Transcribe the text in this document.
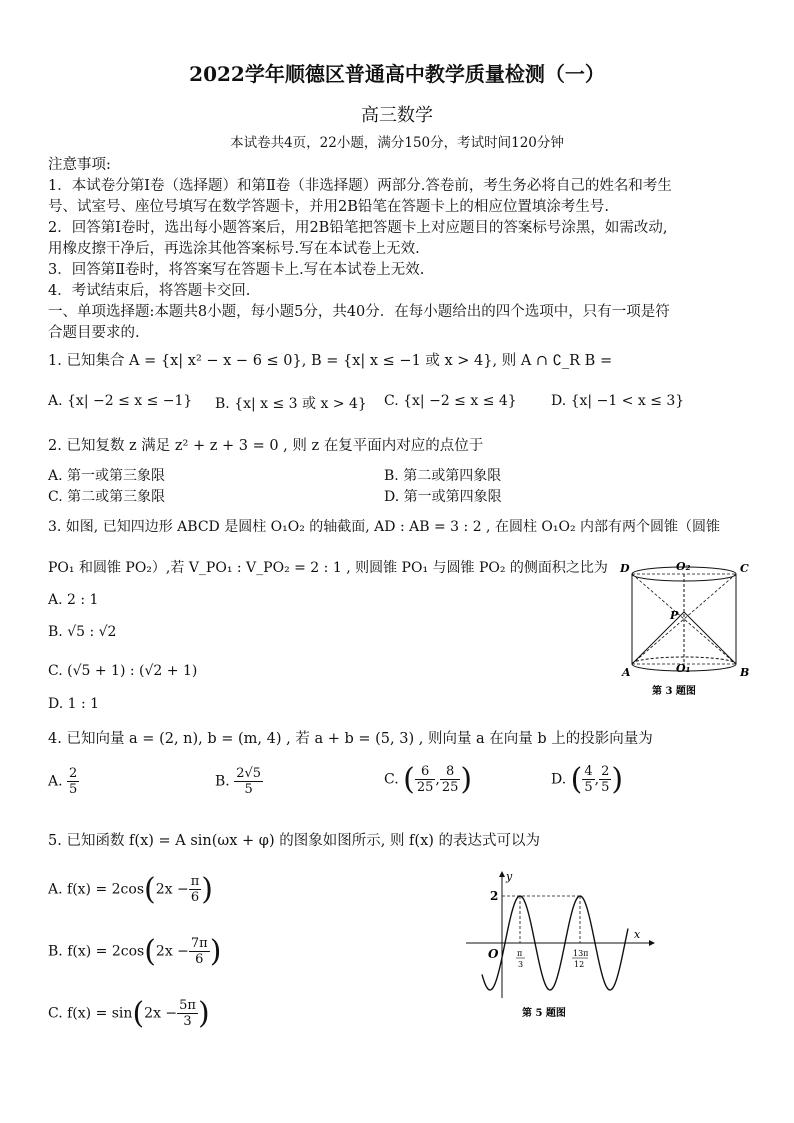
2022学年顺德区普通高中教学质量检测（一）
高三数学
本试卷共4页，22小题，满分150分，考试时间120分钟
注意事项:
1．本试卷分第Ⅰ卷（选择题）和第Ⅱ卷（非选择题）两部分.答卷前，考生务必将自己的姓名和考生
号、试室号、座位号填写在数学答题卡，并用2B铅笔在答题卡上的相应位置填涂考生号.
2．回答第Ⅰ卷时，选出每小题答案后，用2B铅笔把答题卡上对应题目的答案标号涂黑，如需改动,
用橡皮擦干净后，再选涂其他答案标号.写在本试卷上无效.
3．回答第Ⅱ卷时，将答案写在答题卡上.写在本试卷上无效.
4．考试结束后，将答题卡交回.
一、单项选择题:本题共8小题，每小题5分，共40分．在每小题给出的四个选项中，只有一项是符
合题目要求的.
1. 已知集合 A = {x| x² − x − 6 ≤ 0}, B = {x| x ≤ −1 或 x > 4}, 则 A ∩ ∁_R B =
A. {x| −2 ≤ x ≤ −1} B. {x| x ≤ 3 或 x > 4} C. {x| −2 ≤ x ≤ 4} D. {x| −1 < x ≤ 3}
2. 已知复数 z 满足 z² + z + 3 = 0 , 则 z 在复平面内对应的点位于
A. 第一或第三象限	B. 第二或第四象限
C. 第二或第三象限	D. 第一或第四象限
3. 如图, 已知四边形 ABCD 是圆柱 O₁O₂ 的轴截面, AD : AB = 3 : 2 , 在圆柱 O₁O₂ 内部有两个圆锥（圆锥
PO₁ 和圆锥 PO₂）,若 V_PO₁ : V_PO₂ = 2 : 1 , 则圆锥 PO₁ 与圆锥 PO₂ 的侧面积之比为
A. 2 : 1
B. √5 : √2
C. (√5 + 1) : (√2 + 1)
D. 1 : 1
D	O₂	C
P
A	O₁	B
第 3 题图
4. 已知向量 a = (2, n), b = (m, 4) , 若 a + b = (5, 3) , 则向量 a 在向量 b 上的投影向量为
A. $\frac{2}{5}$	B. $\frac{2√5}{5}$	C. ( $\frac{6}{25}$ , $\frac{8}{25}$ )	D. ( $\frac{4}{5}$ , $\frac{2}{5}$ )
5. 已知函数 f(x) = A sin(ωx + φ) 的图象如图所示, 则 f(x) 的表达式可以为
A. $f(x) = 2\cos(2x - \frac{\pi}{6}$ )
B. $f(x) = 2\cos(2x - \frac{7\pi}{6}$ )
C. $f(x) = \sin(2x - \frac{5\pi}{3}$ )
y
x
O
2
π
3
13π
12
第 5 题图
